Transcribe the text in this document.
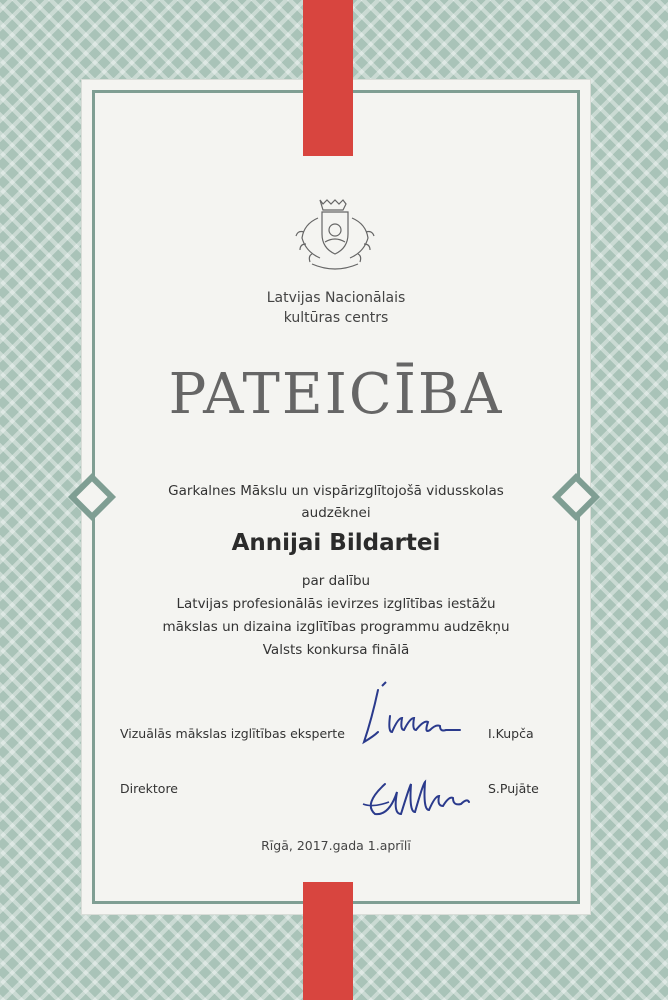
Latvijas Nacionālais
kultūras centrs
PATEICĪBA
Garkalnes Mākslu un vispārizglītojošā vidusskolas
audzēknei
Annijai Bildartei
par dalību
Latvijas profesionālās ievirzes izglītības iestāžu
mākslas un dizaina izglītības programmu audzēkņu
Valsts konkursa finālā
Vizuālās mākslas izglītības eksperte	I.Kupča
Direktore	S.Pujāte
Rīgā, 2017.gada 1.aprīlī
